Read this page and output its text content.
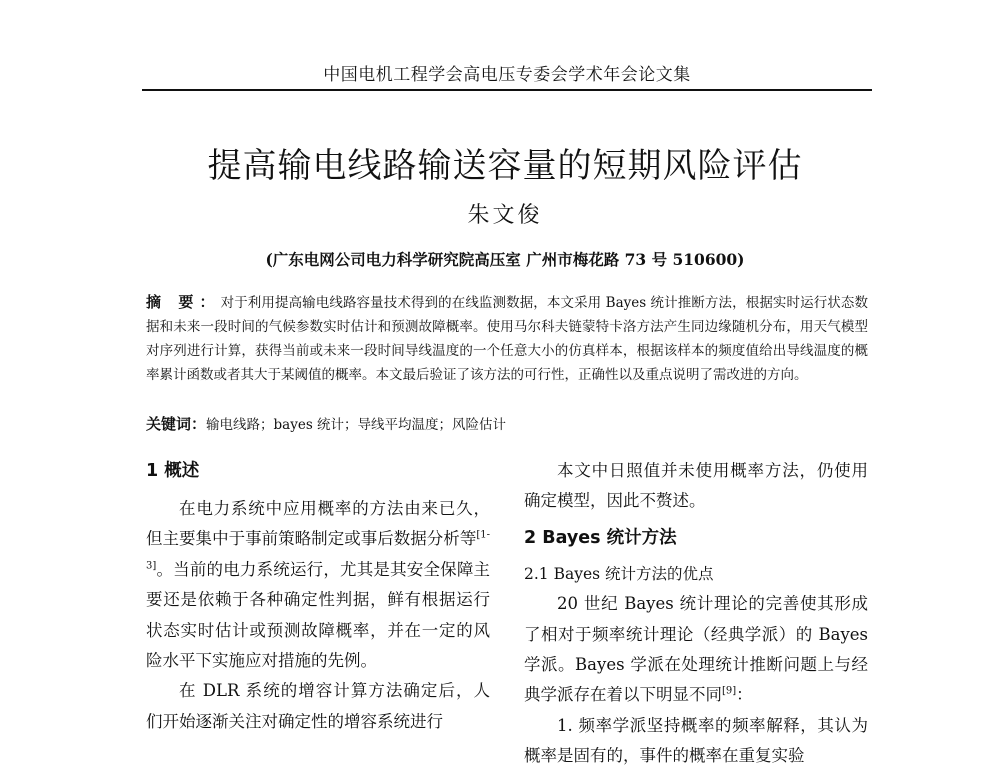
中国电机工程学会高电压专委会学术年会论文集
提高输电线路输送容量的短期风险评估
朱文俊
(广东电网公司电力科学研究院高压室 广州市梅花路 73 号 510600)
摘 要：对于利用提高输电线路容量技术得到的在线监测数据，本文采用 Bayes 统计推断方法，根据实时运行状态数据和未来一段时间的气候参数实时估计和预测故障概率。使用马尔科夫链蒙特卡洛方法产生同边缘随机分布，用天气模型对序列进行计算，获得当前或未来一段时间导线温度的一个任意大小的仿真样本，根据该样本的频度值给出导线温度的概率累计函数或者其大于某阈值的概率。本文最后验证了该方法的可行性，正确性以及重点说明了需改进的方向。
关键词：输电线路；bayes 统计；导线平均温度；风险估计
1 概述

在电力系统中应用概率的方法由来已久，但主要集中于事前策略制定或事后数据分析等[1-3]。当前的电力系统运行，尤其是其安全保障主要还是依赖于各种确定性判据，鲜有根据运行状态实时估计或预测故障概率，并在一定的风险水平下实施应对措施的先例。

在 DLR 系统的增容计算方法确定后，人们开始逐渐关注对确定性的增容系统进行

本文中日照值并未使用概率方法，仍使用确定模型，因此不赘述。

2 Bayes 统计方法
2.1 Bayes 统计方法的优点

20 世纪 Bayes 统计理论的完善使其形成了相对于频率统计理论（经典学派）的 Bayes 学派。Bayes 学派在处理统计推断问题上与经典学派存在着以下明显不同[9]：

1. 频率学派坚持概率的频率解释，其认为概率是固有的，事件的概率在重复实验
